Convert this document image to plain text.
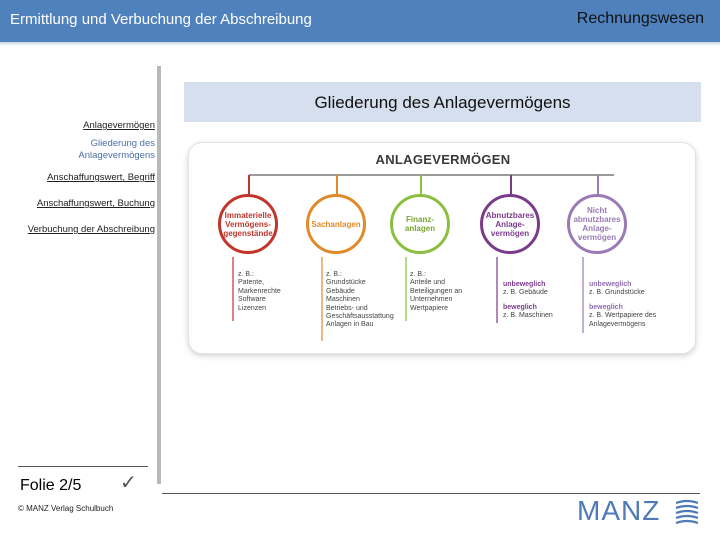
Ermittlung und Verbuchung der Abschreibung	Rechnungswesen
Anlagevermögen
Gliederung des Anlagevermögens
Anschaffungswert, Begriff
Anschaffungswert, Buchung
Verbuchung der Abschreibung
Gliederung des Anlagevermögens
ANLAGEVERMÖGEN
Immaterielle Vermögens-gegenstände
Sachanlagen	Finanz-anlagen
Abnutzbares Anlage-vermögen
Nicht abnutzbares Anlage-vermögen
z. B.:
Patente,
Markenrechte
Software
Lizenzen
z. B.:
Grundstücke
Gebäude
Maschinen
Betriebs- und
Geschäftsausstattung
Anlagen in Bau
z. B.:
Anteile und
Beteiligungen an
Unternehmen
Wertpapiere
unbeweglich
z. B. Gebäude
beweglich
z. B. Maschinen
unbeweglich
z. B. Grundstücke
beweglich
z. B. Wertpapiere des
Anlagevermögens
Folie 2/5 ✓
© MANZ Verlag Schulbuch	MANZ
